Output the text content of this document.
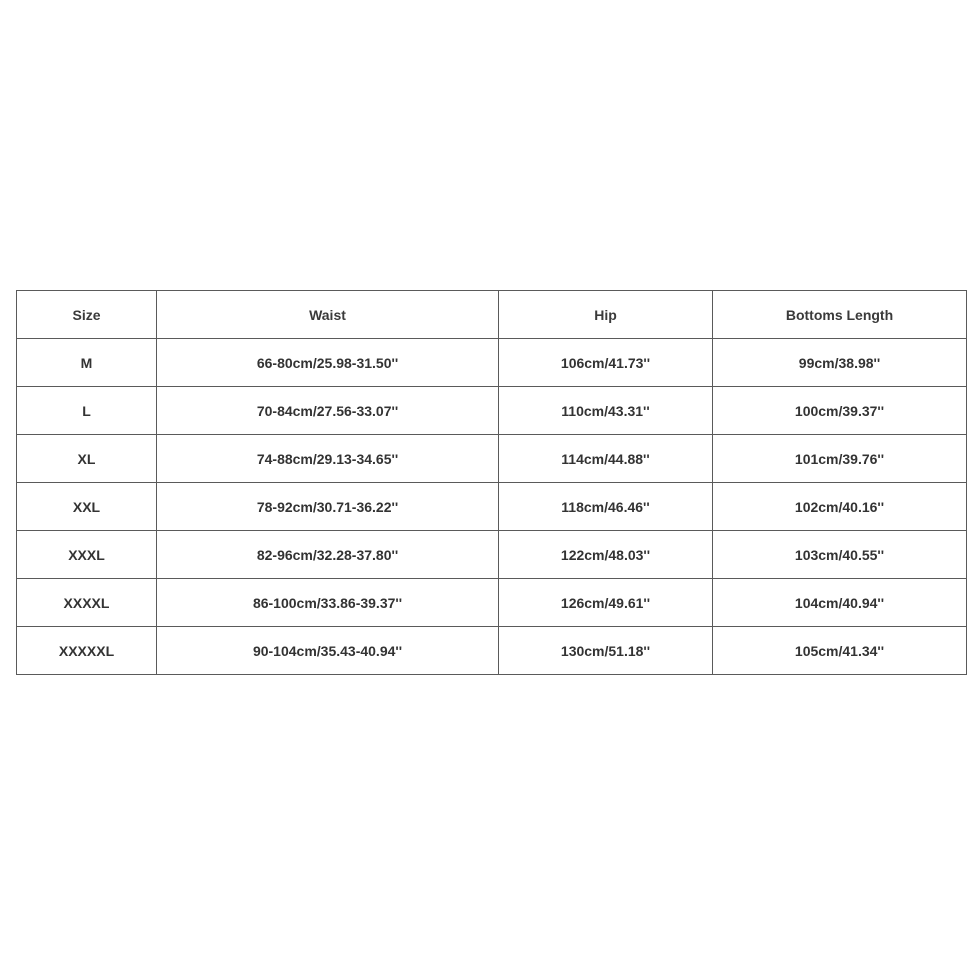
Size	Waist	Hip	Bottoms Length
M	66-80cm/25.98-31.50''	106cm/41.73''	99cm/38.98''
L	70-84cm/27.56-33.07''	110cm/43.31''	100cm/39.37''
XL	74-88cm/29.13-34.65''	114cm/44.88''	101cm/39.76''
XXL	78-92cm/30.71-36.22''	118cm/46.46''	102cm/40.16''
XXXL	82-96cm/32.28-37.80''	122cm/48.03''	103cm/40.55''
XXXXL	86-100cm/33.86-39.37''	126cm/49.61''	104cm/40.94''
XXXXXL	90-104cm/35.43-40.94''	130cm/51.18''	105cm/41.34''
